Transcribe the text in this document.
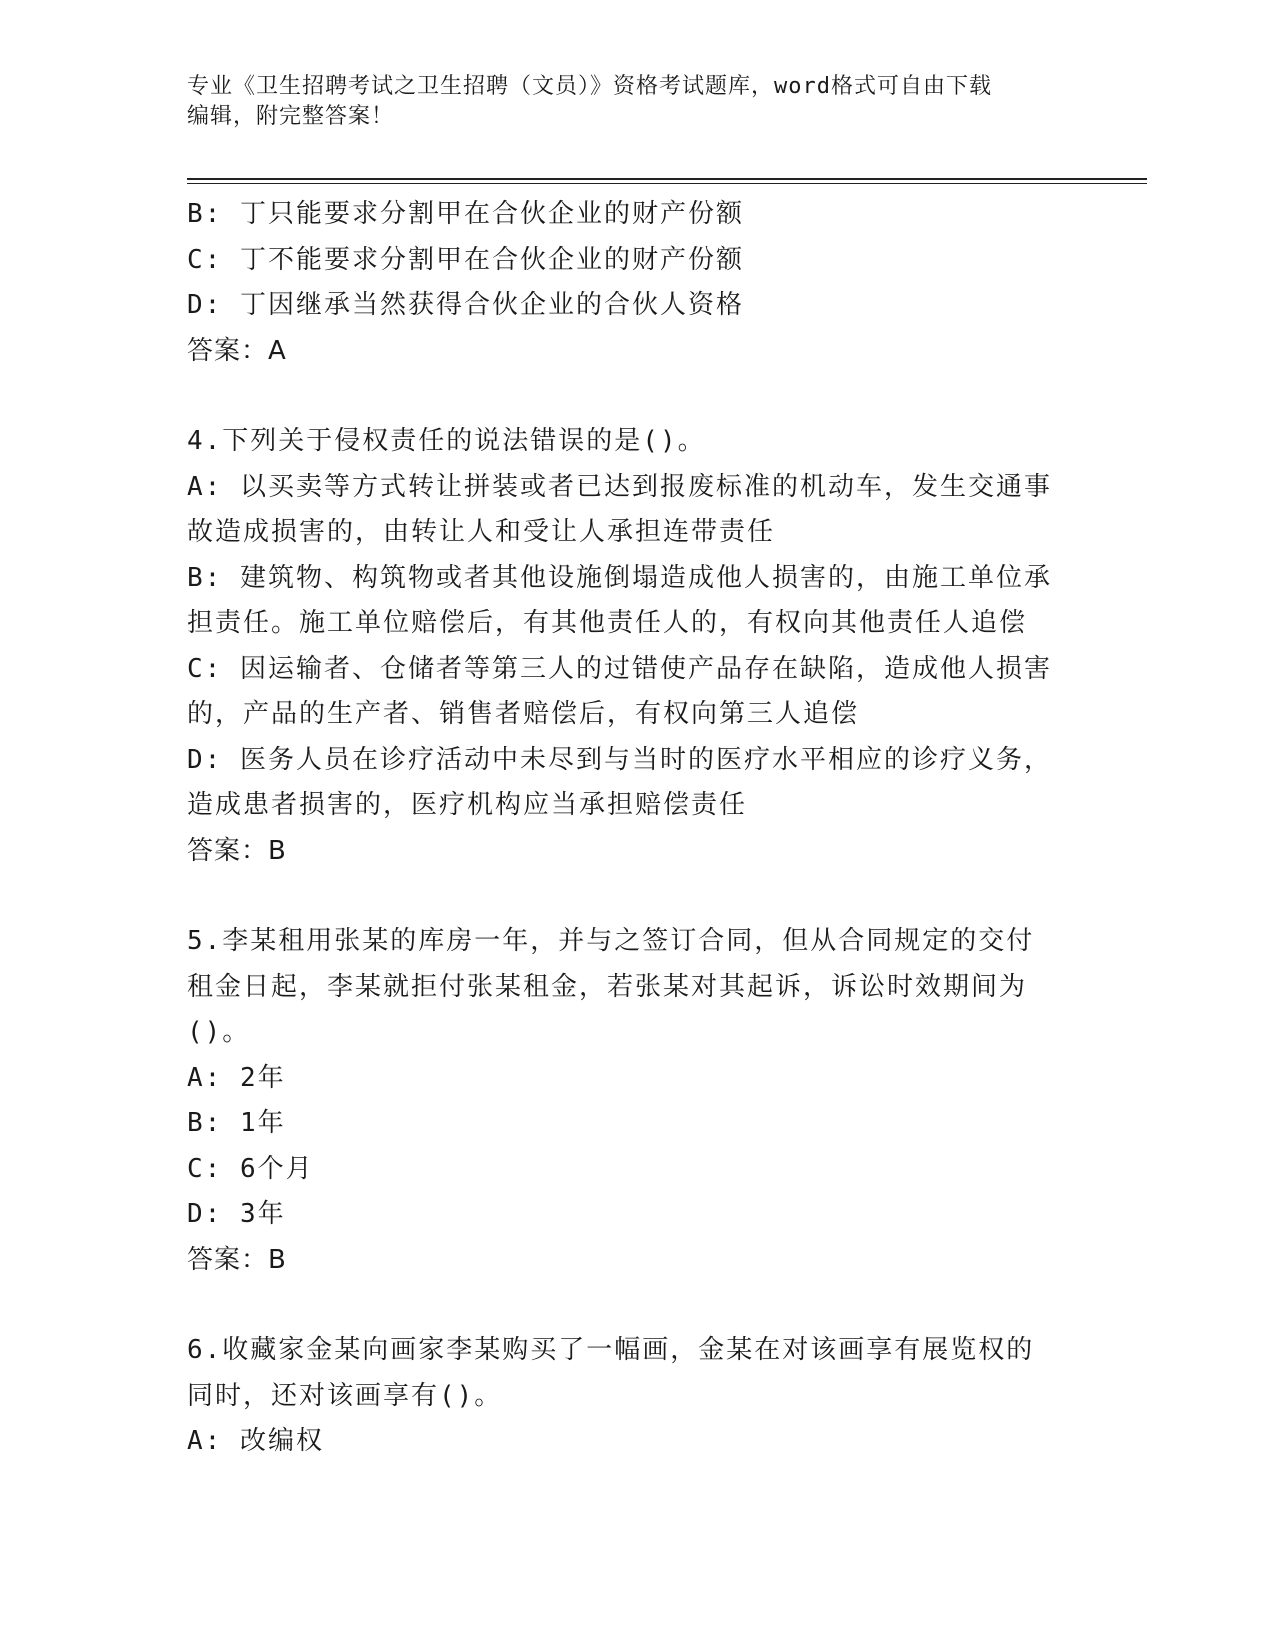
专业《卫生招聘考试之卫生招聘（文员）》资格考试题库，word格式可自由下载

编辑，附完整答案！

B: 丁只能要求分割甲在合伙企业的财产份额

C: 丁不能要求分割甲在合伙企业的财产份额

D: 丁因继承当然获得合伙企业的合伙人资格

答案：A

4.下列关于侵权责任的说法错误的是()。

A: 以买卖等方式转让拼装或者已达到报废标准的机动车，发生交通事

故造成损害的，由转让人和受让人承担连带责任

B: 建筑物、构筑物或者其他设施倒塌造成他人损害的，由施工单位承

担责任。施工单位赔偿后，有其他责任人的，有权向其他责任人追偿

C: 因运输者、仓储者等第三人的过错使产品存在缺陷，造成他人损害

的，产品的生产者、销售者赔偿后，有权向第三人追偿

D: 医务人员在诊疗活动中未尽到与当时的医疗水平相应的诊疗义务，

造成患者损害的，医疗机构应当承担赔偿责任

答案：B

5.李某租用张某的库房一年，并与之签订合同，但从合同规定的交付

租金日起，李某就拒付张某租金，若张某对其起诉，诉讼时效期间为

()。

A: 2年

B: 1年

C: 6个月

D: 3年

答案：B

6.收藏家金某向画家李某购买了一幅画，金某在对该画享有展览权的

同时，还对该画享有()。

A: 改编权
